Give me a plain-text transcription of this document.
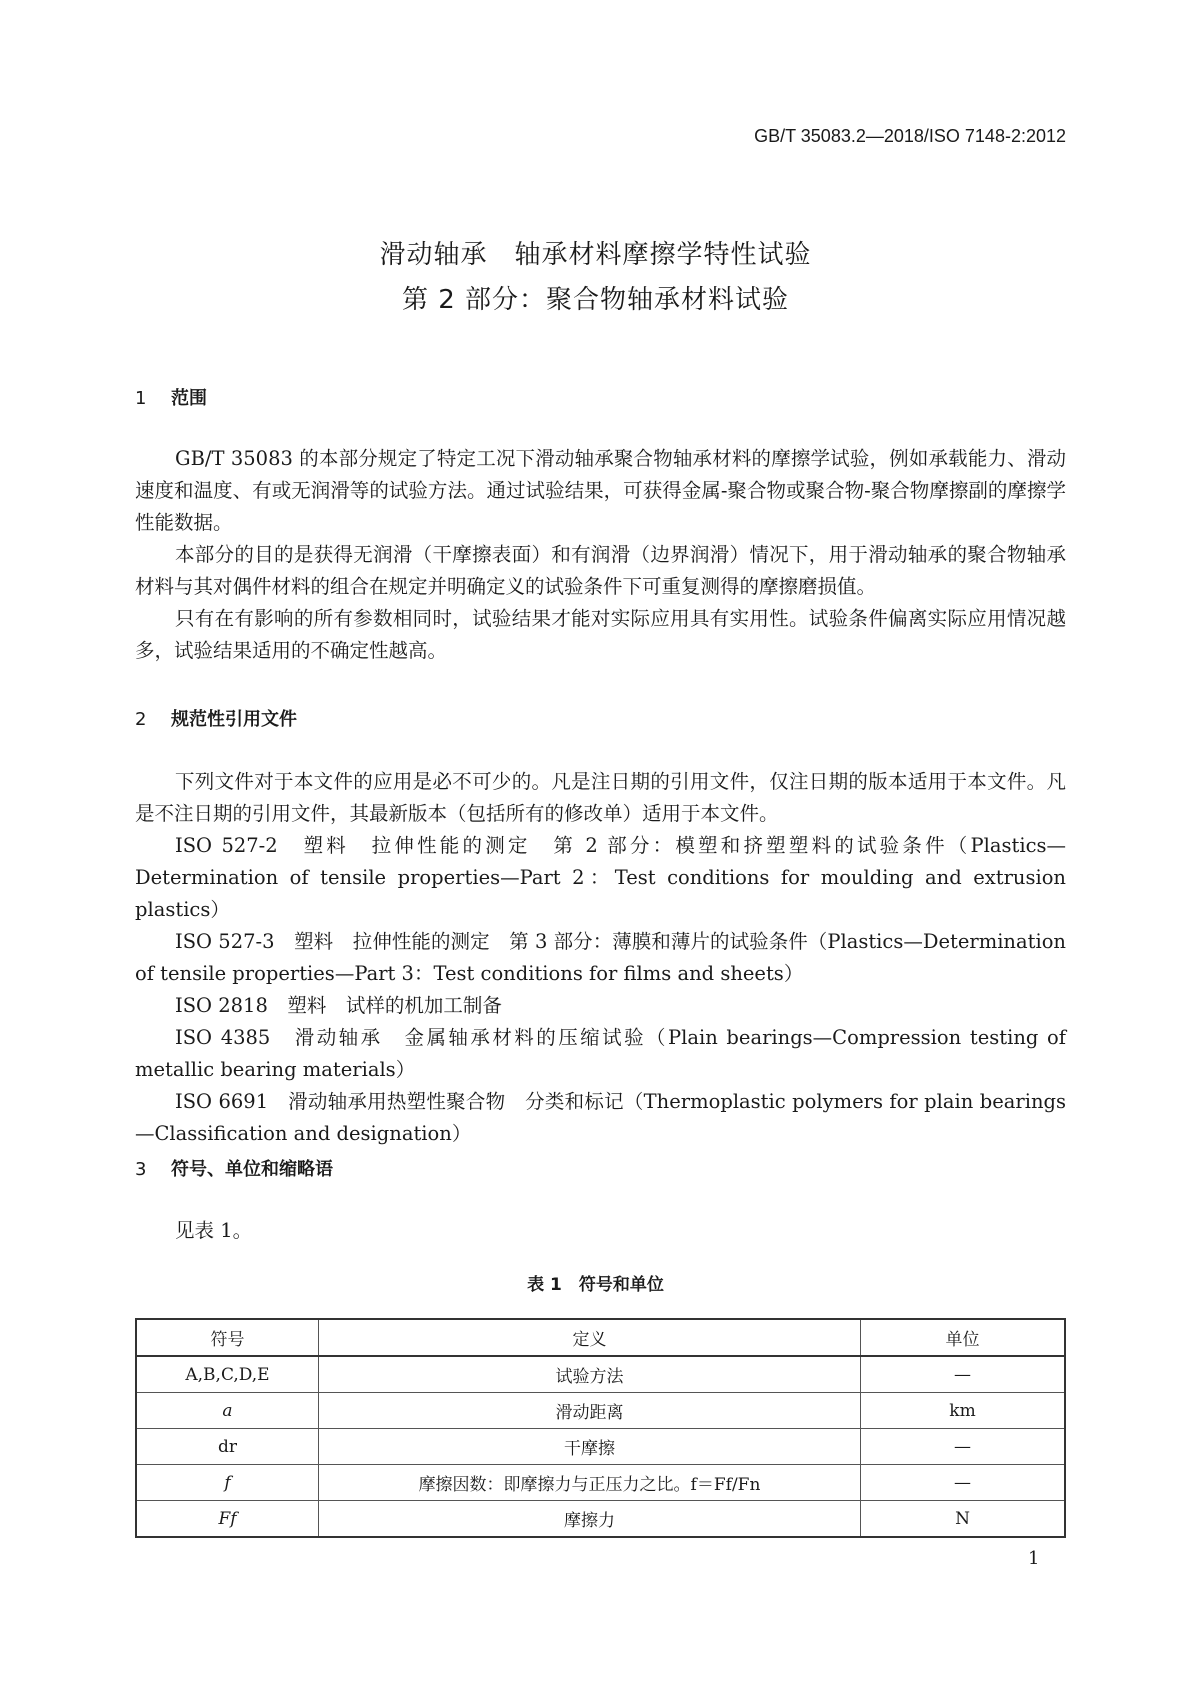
GB/T 35083.2—2018/ISO 7148-2:2012
滑动轴承　轴承材料摩擦学特性试验
第 2 部分：聚合物轴承材料试验
1 范围

GB/T 35083 的本部分规定了特定工况下滑动轴承聚合物轴承材料的摩擦学试验，例如承载能力、滑动速度和温度、有或无润滑等的试验方法。通过试验结果，可获得金属-聚合物或聚合物-聚合物摩擦副的摩擦学性能数据。

本部分的目的是获得无润滑（干摩擦表面）和有润滑（边界润滑）情况下，用于滑动轴承的聚合物轴承材料与其对偶件材料的组合在规定并明确定义的试验条件下可重复测得的摩擦磨损值。

只有在有影响的所有参数相同时，试验结果才能对实际应用具有实用性。试验条件偏离实际应用情况越多，试验结果适用的不确定性越高。

2 规范性引用文件

下列文件对于本文件的应用是必不可少的。凡是注日期的引用文件，仅注日期的版本适用于本文件。凡是不注日期的引用文件，其最新版本（包括所有的修改单）适用于本文件。

ISO 527-2　塑料　拉伸性能的测定　第 2 部分：模塑和挤塑塑料的试验条件（Plastics—Determination of tensile properties—Part 2：Test conditions for moulding and extrusion plastics）

ISO 527-3　塑料　拉伸性能的测定　第 3 部分：薄膜和薄片的试验条件（Plastics—Determination of tensile properties—Part 3：Test conditions for films and sheets）

ISO 2818　塑料　试样的机加工制备

ISO 4385　滑动轴承　金属轴承材料的压缩试验（Plain bearings—Compression testing of metallic bearing materials）

ISO 6691　滑动轴承用热塑性聚合物　分类和标记（Thermoplastic polymers for plain bearings—Classification and designation）

3 符号、单位和缩略语

见表 1。

表 1　符号和单位
符号	定义	单位
A,B,C,D,E	试验方法	—
a	滑动距离	km
dr	干摩擦	—
f	摩擦因数：即摩擦力与正压力之比。f＝Ff/Fn	—
Ff	摩擦力	N
1
